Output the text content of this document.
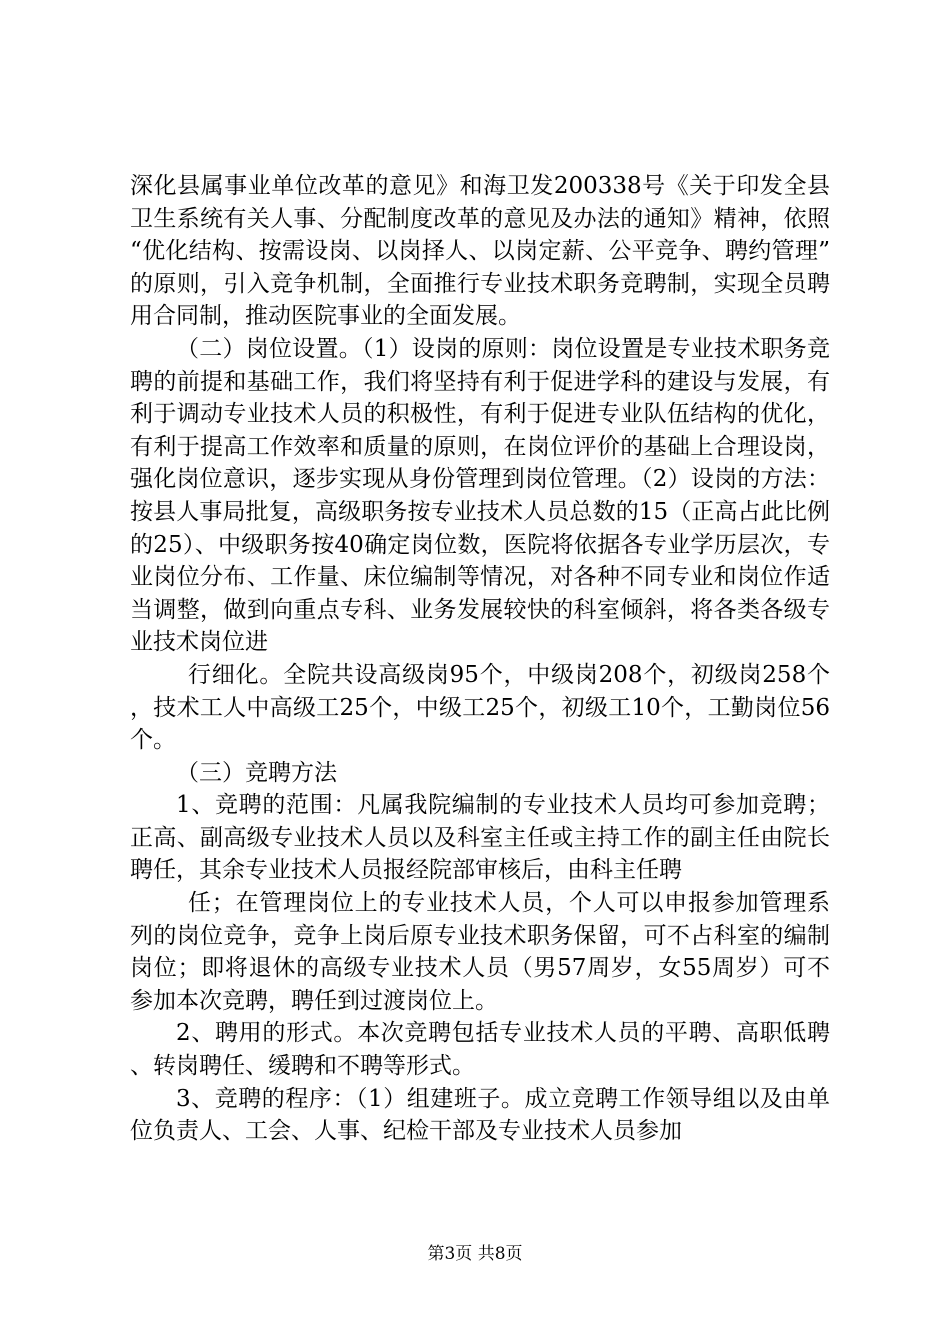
深化县属事业单位改革的意见》和海卫发200338号《关于印发全县卫生系统有关人事、分配制度改革的意见及办法的通知》精神，依照“优化结构、按需设岗、以岗择人、以岗定薪、公平竞争、聘约管理”的原则，引入竞争机制，全面推行专业技术职务竞聘制，实现全员聘用合同制，推动医院事业的全面发展。

（二）岗位设置。（1）设岗的原则：岗位设置是专业技术职务竞聘的前提和基础工作，我们将坚持有利于促进学科的建设与发展，有利于调动专业技术人员的积极性，有利于促进专业队伍结构的优化，有利于提高工作效率和质量的原则，在岗位评价的基础上合理设岗，强化岗位意识，逐步实现从身份管理到岗位管理。（2）设岗的方法：按县人事局批复，高级职务按专业技术人员总数的15（正高占此比例的25）、中级职务按40确定岗位数，医院将依据各专业学历层次，专业岗位分布、工作量、床位编制等情况，对各种不同专业和岗位作适当调整，做到向重点专科、业务发展较快的科室倾斜，将各类各级专业技术岗位进

行细化。全院共设高级岗95个，中级岗208个，初级岗258个，技术工人中高级工25个，中级工25个，初级工10个，工勤岗位56个。

（三）竞聘方法

1、竞聘的范围：凡属我院编制的专业技术人员均可参加竞聘；正高、副高级专业技术人员以及科室主任或主持工作的副主任由院长聘任，其余专业技术人员报经院部审核后，由科主任聘

任；在管理岗位上的专业技术人员，个人可以申报参加管理系列的岗位竞争，竞争上岗后原专业技术职务保留，可不占科室的编制岗位；即将退休的高级专业技术人员（男57周岁，女55周岁）可不参加本次竞聘，聘任到过渡岗位上。

2、聘用的形式。本次竞聘包括专业技术人员的平聘、高职低聘、转岗聘任、缓聘和不聘等形式。

3、竞聘的程序：（1）组建班子。成立竞聘工作领导组以及由单位负责人、工会、人事、纪检干部及专业技术人员参加

第3页 共8页
